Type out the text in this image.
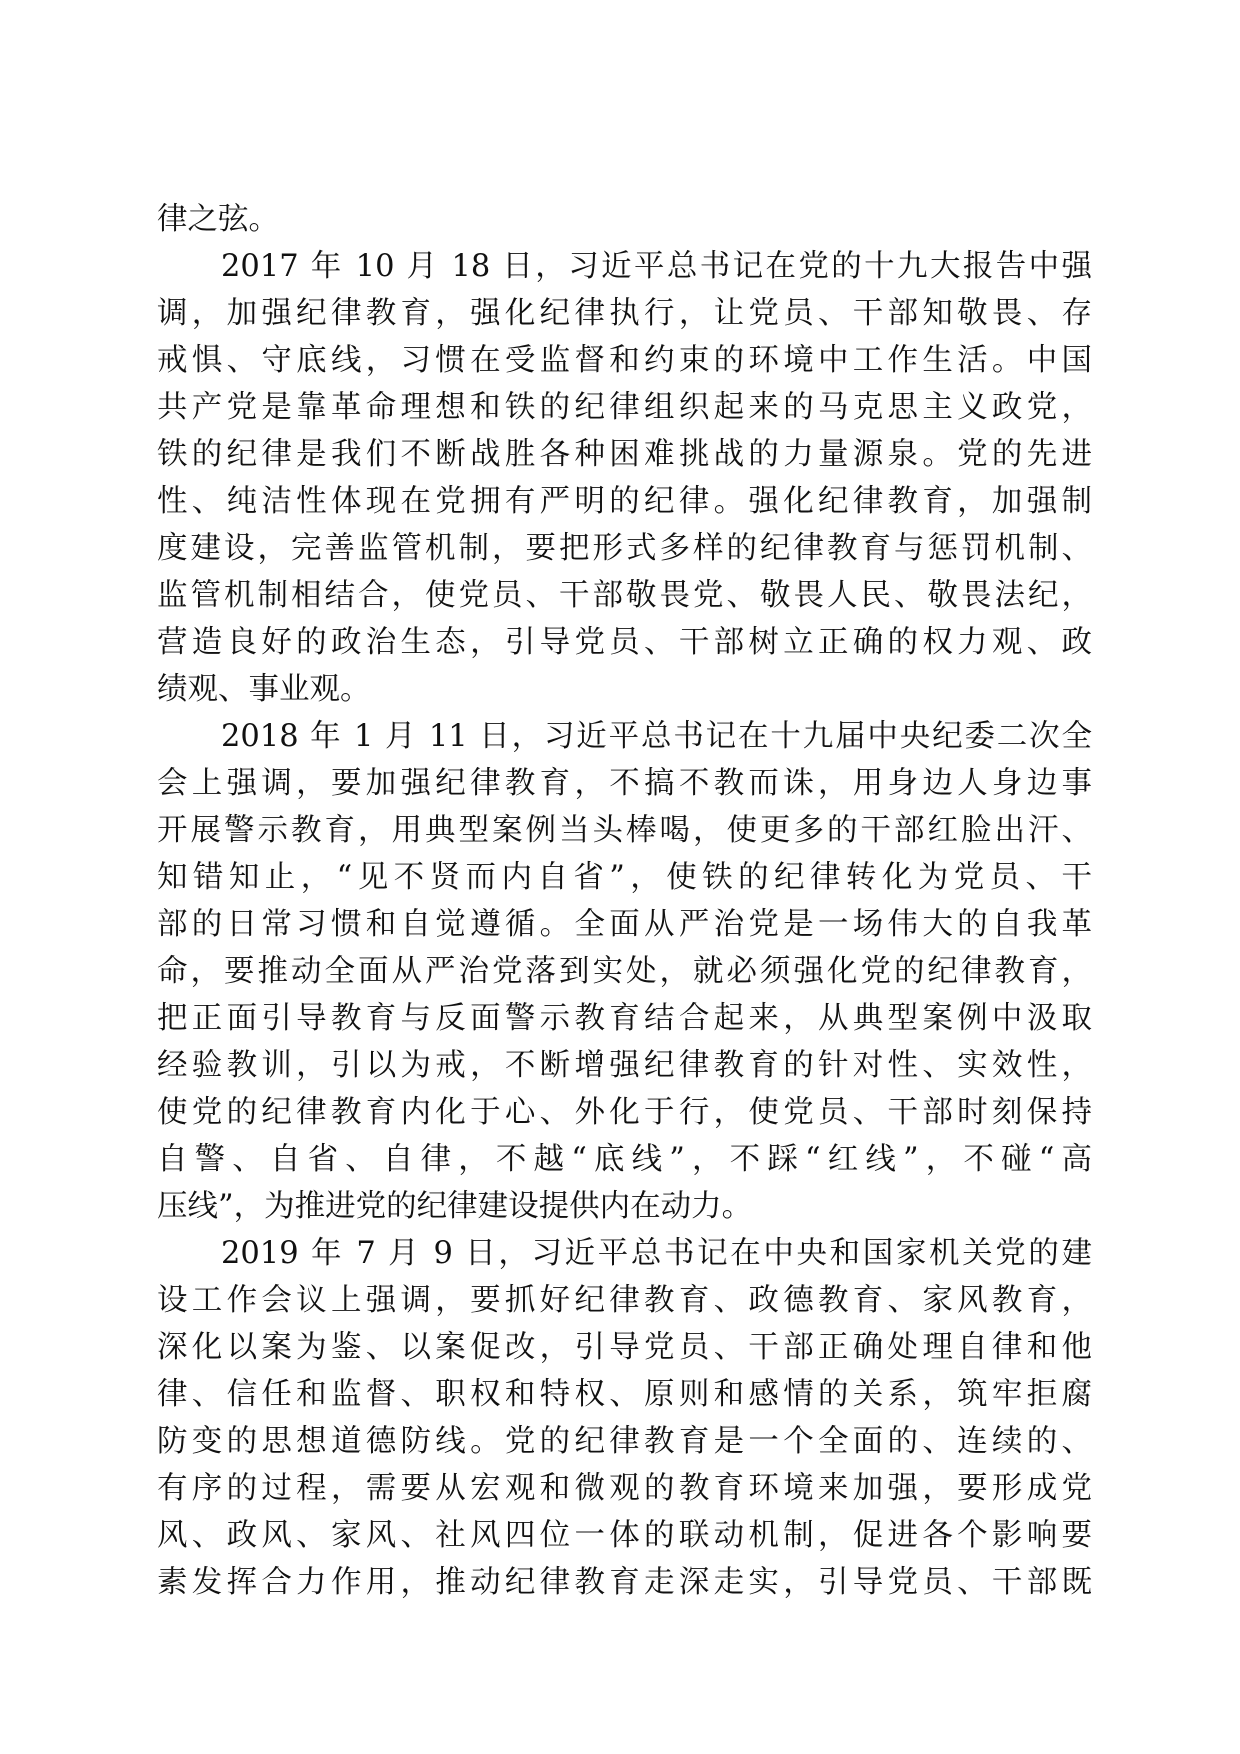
律之弦。
2017 年 10 月 18 日，习近平总书记在党的十九大报告中强
调，加强纪律教育，强化纪律执行，让党员、干部知敬畏、存
戒惧、守底线，习惯在受监督和约束的环境中工作生活。中国
共产党是靠革命理想和铁的纪律组织起来的马克思主义政党，
铁的纪律是我们不断战胜各种困难挑战的力量源泉。党的先进
性、纯洁性体现在党拥有严明的纪律。强化纪律教育，加强制
度建设，完善监管机制，要把形式多样的纪律教育与惩罚机制、
监管机制相结合，使党员、干部敬畏党、敬畏人民、敬畏法纪，
营造良好的政治生态，引导党员、干部树立正确的权力观、政
绩观、事业观。
2018 年 1 月 11 日，习近平总书记在十九届中央纪委二次全
会上强调，要加强纪律教育，不搞不教而诛，用身边人身边事
开展警示教育，用典型案例当头棒喝，使更多的干部红脸出汗、
知错知止，“见不贤而内自省”，使铁的纪律转化为党员、干
部的日常习惯和自觉遵循。全面从严治党是一场伟大的自我革
命，要推动全面从严治党落到实处，就必须强化党的纪律教育，
把正面引导教育与反面警示教育结合起来，从典型案例中汲取
经验教训，引以为戒，不断增强纪律教育的针对性、实效性，
使党的纪律教育内化于心、外化于行，使党员、干部时刻保持
自警、自省、自律，不越“底线”，不踩“红线”，不碰“高
压线”，为推进党的纪律建设提供内在动力。
2019 年 7 月 9 日，习近平总书记在中央和国家机关党的建
设工作会议上强调，要抓好纪律教育、政德教育、家风教育，
深化以案为鉴、以案促改，引导党员、干部正确处理自律和他
律、信任和监督、职权和特权、原则和感情的关系，筑牢拒腐
防变的思想道德防线。党的纪律教育是一个全面的、连续的、
有序的过程，需要从宏观和微观的教育环境来加强，要形成党
风、政风、家风、社风四位一体的联动机制，促进各个影响要
素发挥合力作用，推动纪律教育走深走实，引导党员、干部既
